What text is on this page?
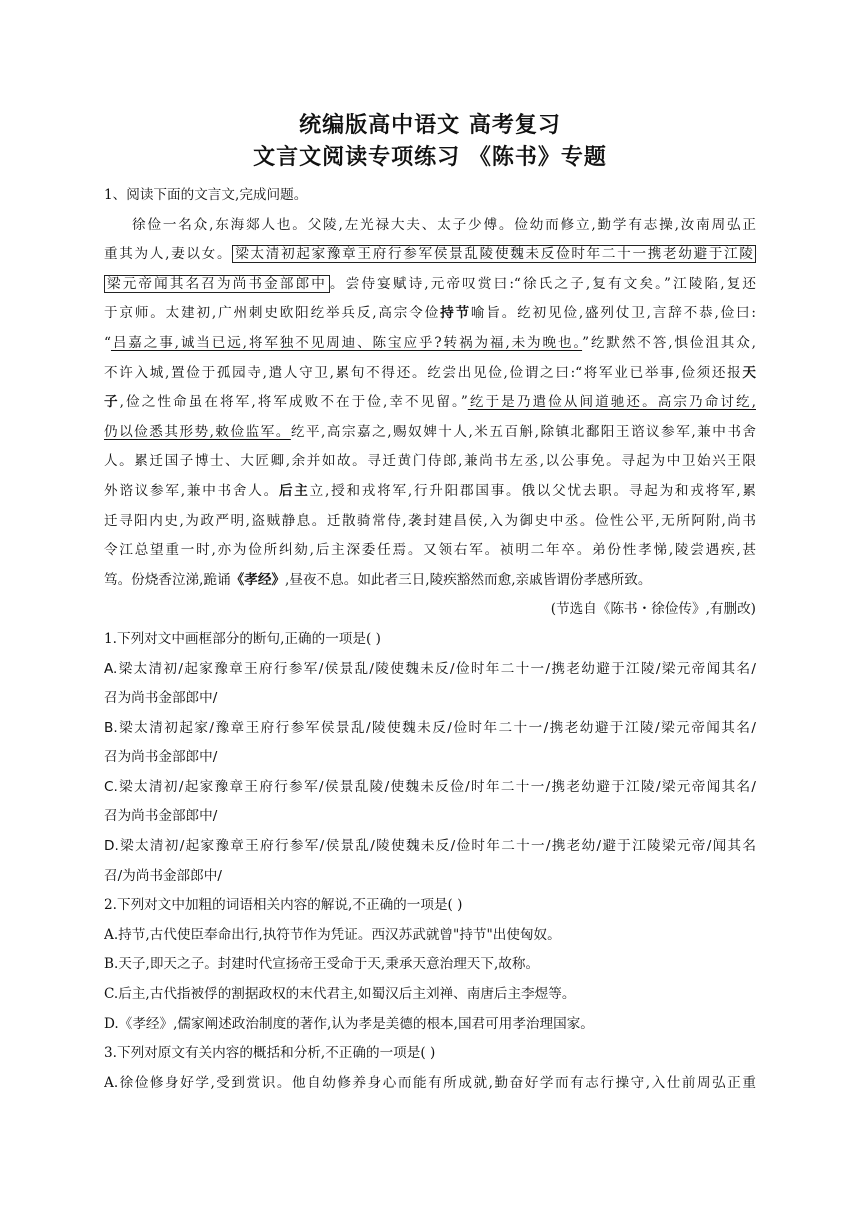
统编版高中语文 高考复习
文言文阅读专项练习 《陈书》专题
1、阅读下面的文言文,完成问题。
徐俭一名众,东海郯人也。父陵,左光禄大夫、太子少傅。俭幼而修立,勤学有志操,汝南周弘正
重其为人,妻以女。 梁太清初起家豫章王府行参军侯景乱陵使魏未反俭时年二十一携老幼避于江陵
梁元帝闻其名召为尚书金部郎中 。尝侍宴赋诗,元帝叹赏曰:“徐氏之子,复有文矣。”江陵陷,复还
于京师。太建初,广州刺史欧阳纥举兵反,高宗令俭持节喻旨。纥初见俭,盛列仗卫,言辞不恭,俭曰:
“吕嘉之事,诚当已远,将军独不见周迪、陈宝应乎?转祸为福,未为晚也。”纥默然不答,惧俭沮其众,
不许入城,置俭于孤园寺,遣人守卫,累旬不得还。纥尝出见俭,俭谓之曰:“将军业已举事,俭须还报天
子,俭之性命虽在将军,将军成败不在于俭,幸不见留。”纥于是乃遣俭从间道驰还。高宗乃命讨纥,
仍以俭悉其形势,敕俭监军。纥平,高宗嘉之,赐奴婢十人,米五百斛,除镇北鄱阳王谘议参军,兼中书舍
人。累迁国子博士、大匠卿,余并如故。寻迁黄门侍郎,兼尚书左丞,以公事免。寻起为中卫始兴王限
外谘议参军,兼中书舍人。后主立,授和戎将军,行升阳郡国事。俄以父忧去职。寻起为和戎将军,累
迁寻阳内史,为政严明,盗贼静息。迁散骑常侍,袭封建昌侯,入为御史中丞。俭性公平,无所阿附,尚书
令江总望重一时,亦为俭所纠劾,后主深委任焉。又领右军。祯明二年卒。弟份性孝悌,陵尝遇疾,甚
笃。份烧香泣涕,跪诵《孝经》,昼夜不息。如此者三日,陵疾豁然而愈,亲戚皆谓份孝感所致。
(节选自《陈书・徐俭传》,有删改)
1.下列对文中画框部分的断句,正确的一项是( )
A.梁太清初/起家豫章王府行参军/侯景乱/陵使魏未反/俭时年二十一/携老幼避于江陵/梁元帝闻其名/
召为尚书金部郎中/
B.梁太清初起家/豫章王府行参军侯景乱/陵使魏未反/俭时年二十一/携老幼避于江陵/梁元帝闻其名/
召为尚书金部郎中/
C.梁太清初/起家豫章王府行参军/侯景乱陵/使魏未反俭/时年二十一/携老幼避于江陵/梁元帝闻其名/
召为尚书金部郎中/
D.梁太清初/起家豫章王府行参军/侯景乱/陵使魏未反/俭时年二十一/携老幼/避于江陵梁元帝/闻其名
召/为尚书金部郎中/
2.下列对文中加粗的词语相关内容的解说,不正确的一项是( )
A.持节,古代使臣奉命出行,执符节作为凭证。西汉苏武就曾"持节"出使匈奴。
B.天子,即天之子。封建时代宣扬帝王受命于天,秉承天意治理天下,故称。
C.后主,古代指被俘的割据政权的末代君主,如蜀汉后主刘禅、南唐后主李煜等。
D.《孝经》,儒家阐述政治制度的著作,认为孝是美德的根本,国君可用孝治理国家。
3.下列对原文有关内容的概括和分析,不正确的一项是( )
A.徐俭修身好学,受到赏识。他自幼修养身心而能有所成就,勤奋好学而有志行操守,入仕前周弘正重
